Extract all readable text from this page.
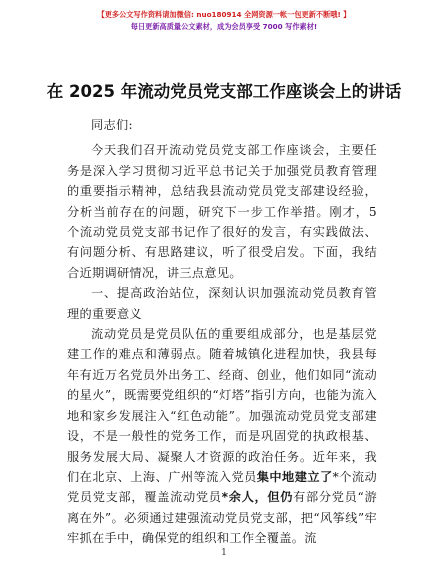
【更多公文写作资料请加微信: nuo180914 全网资源一帐一包更新不断哦! 】
每日更新高质量公文素材，成为会员享受 7000 写作素材!
在 2025 年流动党员党支部工作座谈会上的讲话

同志们:

今天我们召开流动党员党支部工作座谈会，主要任务是深入学习贯彻习近平总书记关于加强党员教育管理的重要指示精神，总结我县流动党员党支部建设经验，分析当前存在的问题，研究下一步工作举措。刚才，5 个流动党员党支部书记作了很好的发言，有实践做法、有问题分析、有思路建议，听了很受启发。下面，我结合近期调研情况，讲三点意见。

一、提高政治站位，深刻认识加强流动党员教育管理的重要意义

流动党员是党员队伍的重要组成部分，也是基层党建工作的难点和薄弱点。随着城镇化进程加快，我县每年有近万名党员外出务工、经商、创业，他们如同“流动的星火”，既需要党组织的“灯塔”指引方向，也能为流入地和家乡发展注入“红色动能”。加强流动党员党支部建设，不是一般性的党务工作，而是巩固党的执政根基、服务发展大局、凝聚人才资源的政治任务。近年来，我们在北京、上海、广州等流入党员集中地建立了*个流动党员党支部，覆盖流动党员*余人，但仍有部分党员“游离在外”。必须通过建强流动党员党支部，把“风筝线”牢牢抓在手中，确保党的组织和工作全覆盖。流

1
